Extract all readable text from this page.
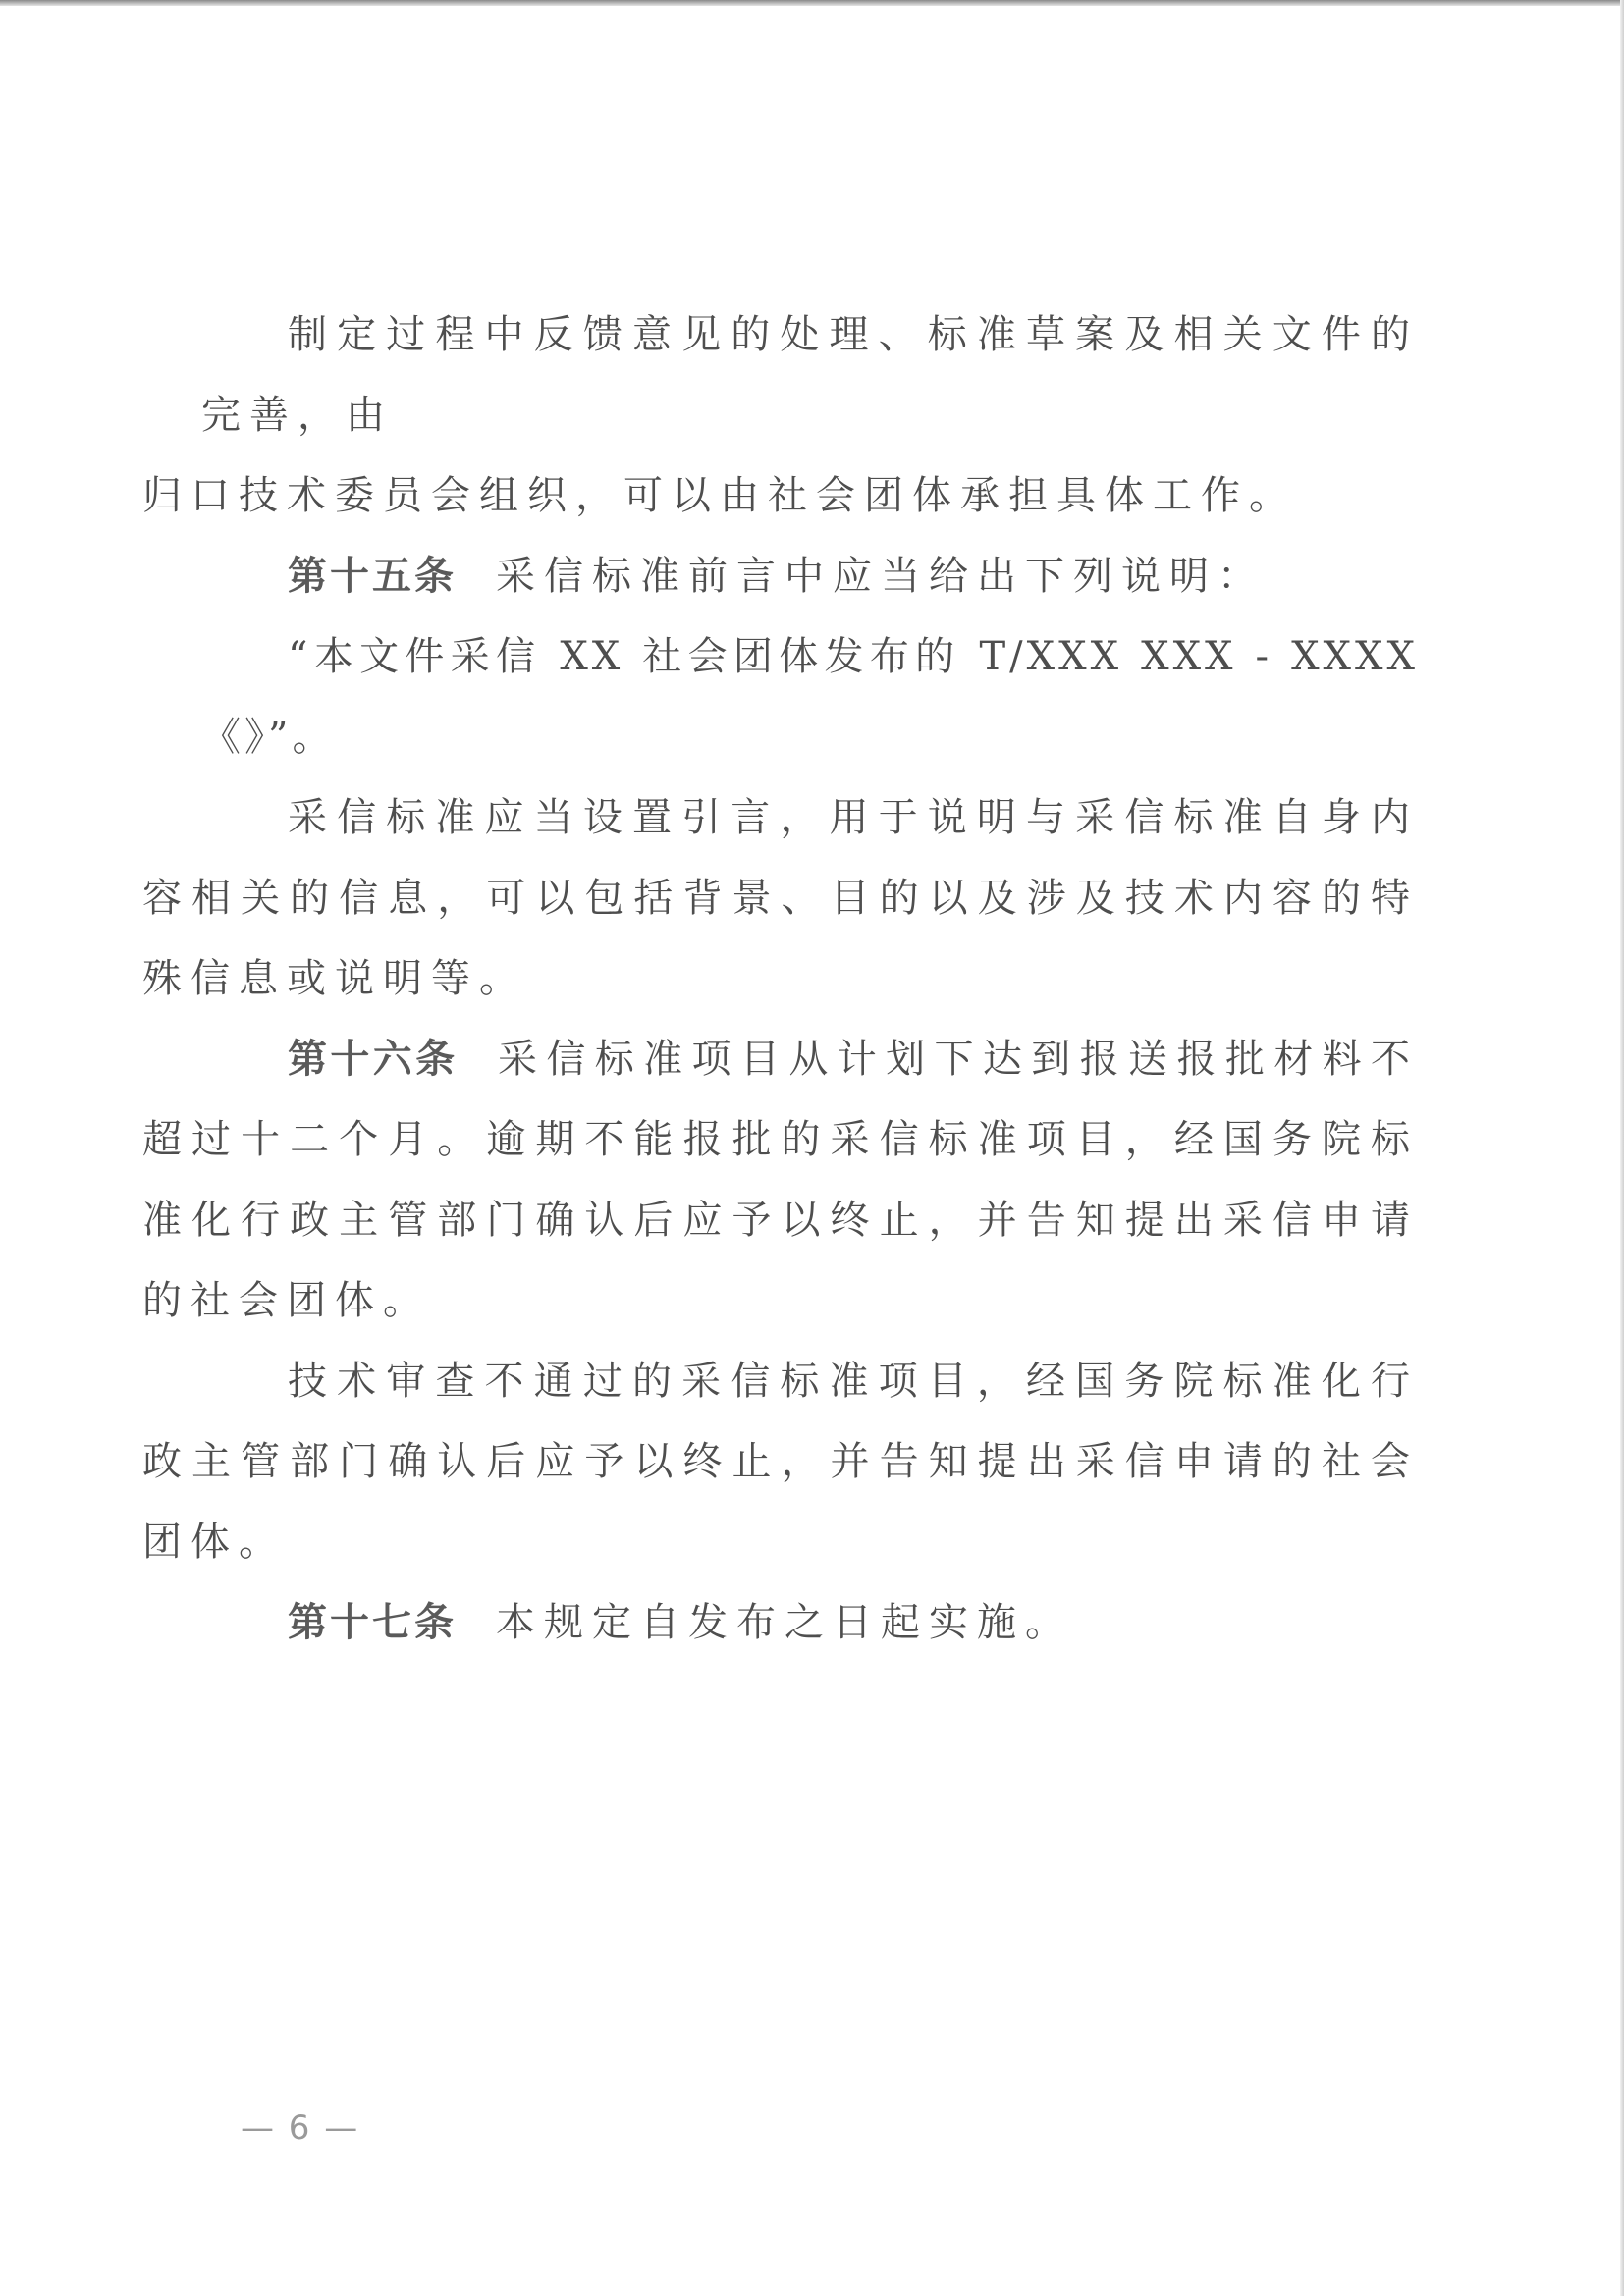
制定过程中反馈意见的处理、标准草案及相关文件的完善，由

归口技术委员会组织，可以由社会团体承担具体工作。

第十五条 采信标准前言中应当给出下列说明：

“本文件采信 XX 社会团体发布的 T/XXX XXX - XXXX《》”。

采信标准应当设置引言，用于说明与采信标准自身内容相关的信息，可以包括背景、目的以及涉及技术内容的特殊信息或说明等。

第十六条 采信标准项目从计划下达到报送报批材料不超过十二个月。逾期不能报批的采信标准项目，经国务院标准化行政主管部门确认后应予以终止，并告知提出采信申请的社会团体。

技术审查不通过的采信标准项目，经国务院标准化行政主管部门确认后应予以终止，并告知提出采信申请的社会团体。

第十七条 本规定自发布之日起实施。

— 6 —
